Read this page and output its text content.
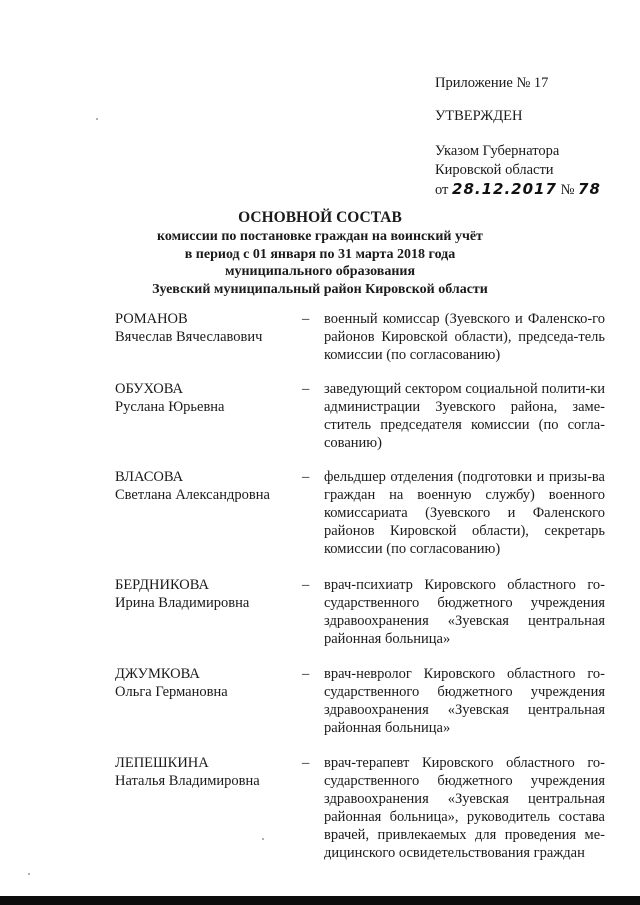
Приложение № 17
УТВЕРЖДЕН
Указом Губернатора
Кировской области
от 28.12.2017 № 78
ОСНОВНОЙ СОСТАВ
комиссии по постановке граждан на воинский учёт
в период с 01 января по 31 марта 2018 года
муниципального образования
Зуевский муниципальный район Кировской области
РОМАНОВ
Вячеслав Вячеславович
–	военный комиссар (Зуевского и Фаленско-го районов Кировской области), председа-тель комиссии (по согласованию)
ОБУХОВА
Руслана Юрьевна
–	заведующий сектором социальной полити-ки администрации Зуевского района, заме-ститель председателя комиссии (по согла-сованию)
ВЛАСОВА
Светлана Александровна
–	фельдшер отделения (подготовки и призы-ва граждан на военную службу) военного комиссариата (Зуевского и Фаленского районов Кировской области), секретарь комиссии (по согласованию)
БЕРДНИКОВА
Ирина Владимировна
–	врач-психиатр Кировского областного го-сударственного бюджетного учреждения здравоохранения «Зуевская центральная районная больница»
ДЖУМКОВА
Ольга Германовна
–	врач-невролог Кировского областного го-сударственного бюджетного учреждения здравоохранения «Зуевская центральная районная больница»
ЛЕПЕШКИНА
Наталья Владимировна
–	врач-терапевт Кировского областного го-сударственного бюджетного учреждения здравоохранения «Зуевская центральная районная больница», руководитель состава врачей, привлекаемых для проведения ме-дицинского освидетельствования граждан
